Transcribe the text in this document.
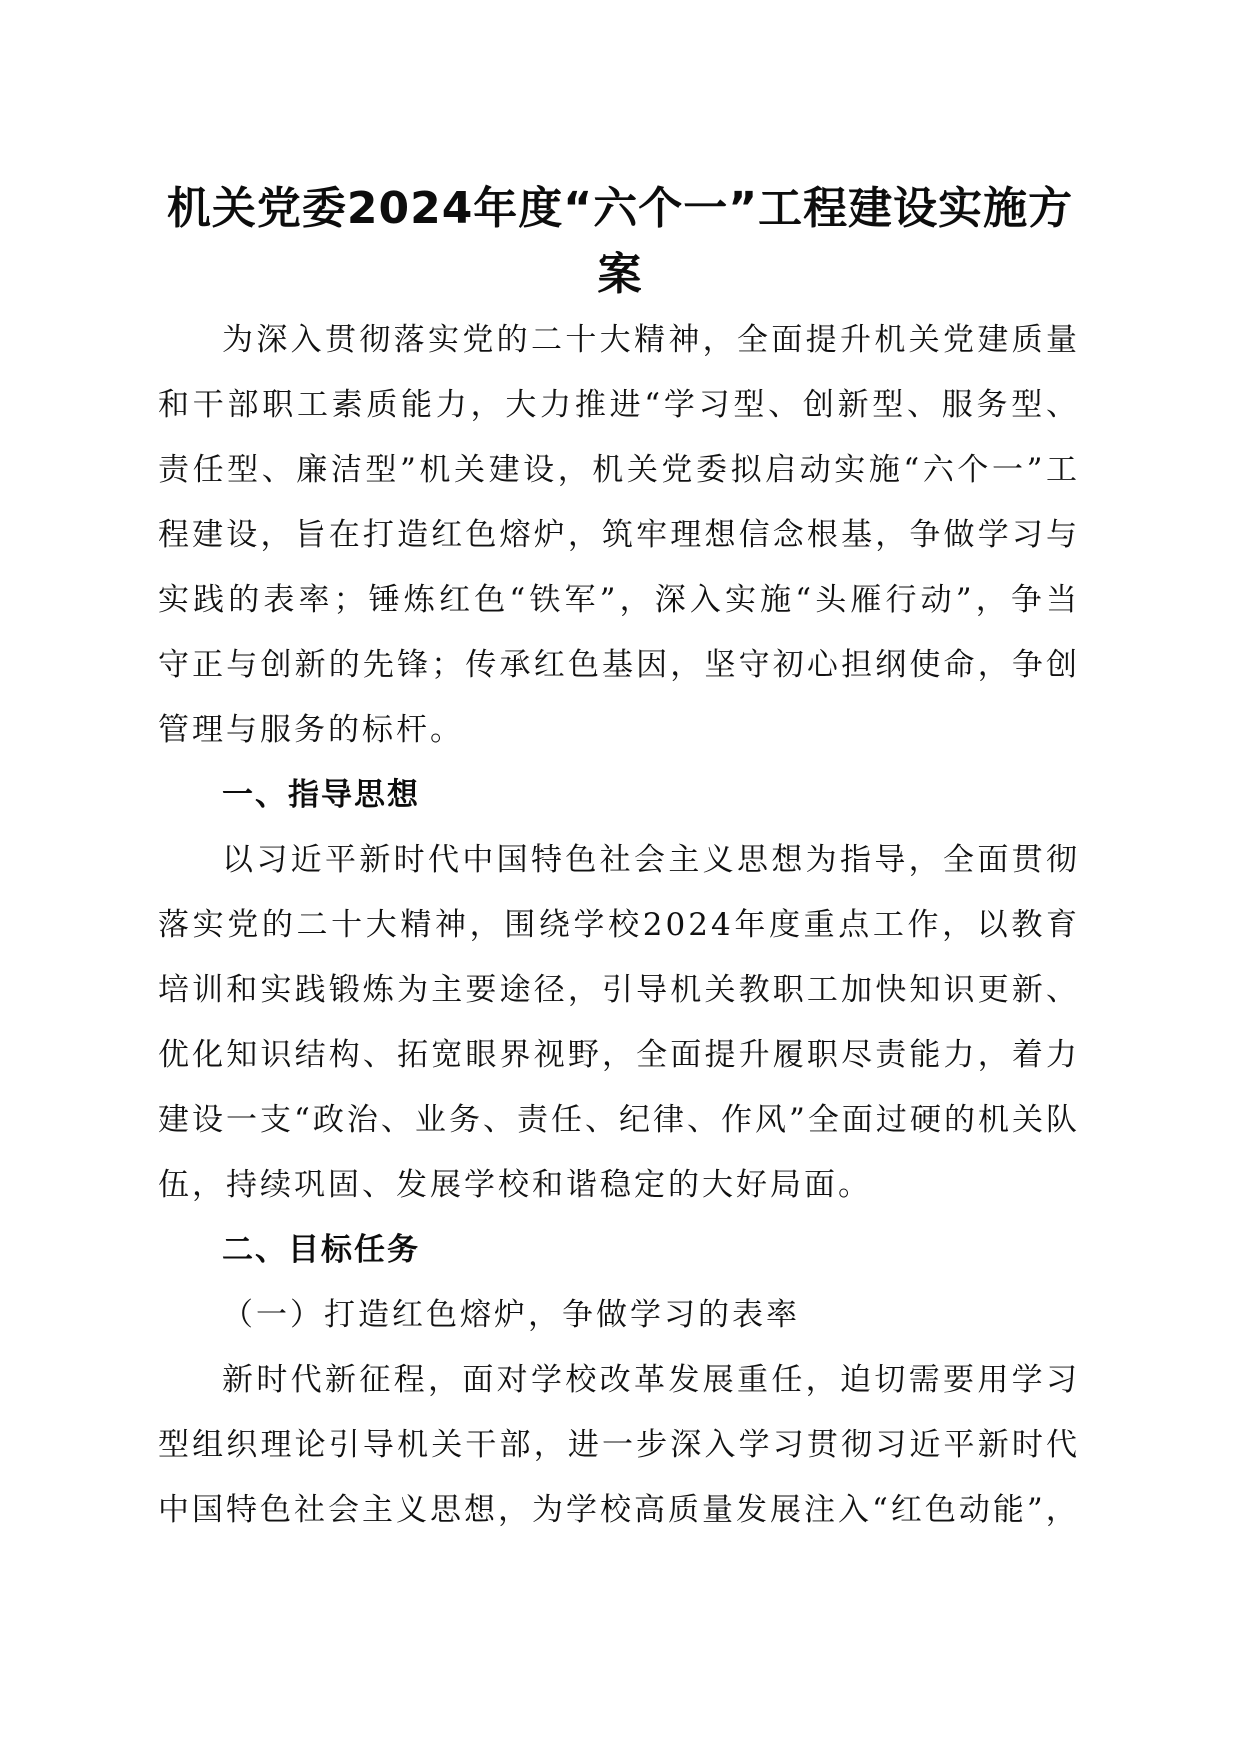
机关党委2024年度“六个一”工程建设实施方案

为深入贯彻落实党的二十大精神，全面提升机关党建质量和干部职工素质能力，大力推进“学习型、创新型、服务型、责任型、廉洁型”机关建设，机关党委拟启动实施“六个一”工程建设，旨在打造红色熔炉，筑牢理想信念根基，争做学习与实践的表率；锤炼红色“铁军”，深入实施“头雁行动”，争当守正与创新的先锋；传承红色基因，坚守初心担纲使命，争创管理与服务的标杆。

一、指导思想

以习近平新时代中国特色社会主义思想为指导，全面贯彻落实党的二十大精神，围绕学校2024年度重点工作，以教育培训和实践锻炼为主要途径，引导机关教职工加快知识更新、优化知识结构、拓宽眼界视野，全面提升履职尽责能力，着力建设一支“政治、业务、责任、纪律、作风”全面过硬的机关队伍，持续巩固、发展学校和谐稳定的大好局面。

二、目标任务

（一）打造红色熔炉，争做学习的表率

新时代新征程，面对学校改革发展重任，迫切需要用学习型组织理论引导机关干部，进一步深入学习贯彻习近平新时代中国特色社会主义思想，为学校高质量发展注入“红色动能”，
